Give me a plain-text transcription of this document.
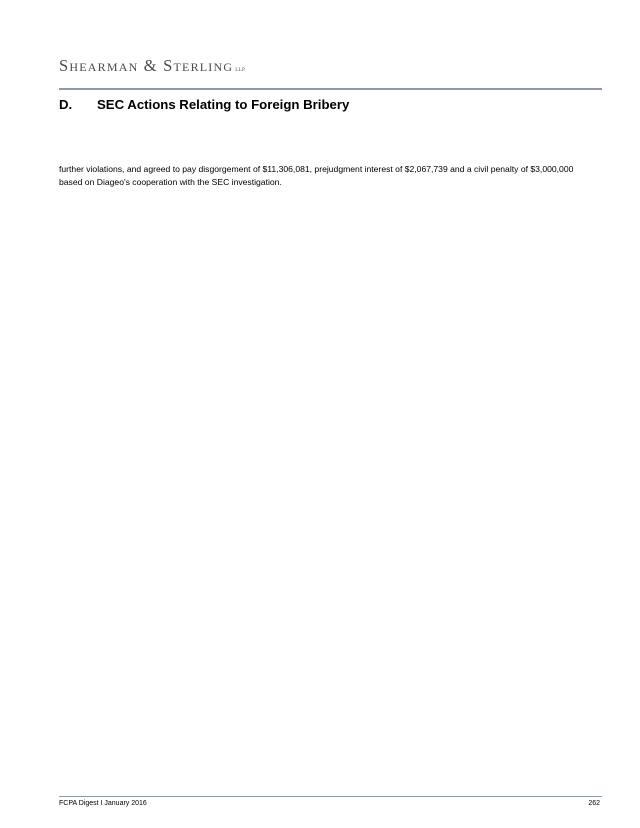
Shearman & Sterling llp
D. SEC Actions Relating to Foreign Bribery
further violations, and agreed to pay disgorgement of $11,306,081, prejudgment interest of $2,067,739 and a civil penalty of $3,000,000 based on Diageo's cooperation with the SEC investigation.
FCPA Digest I January 2016	262
